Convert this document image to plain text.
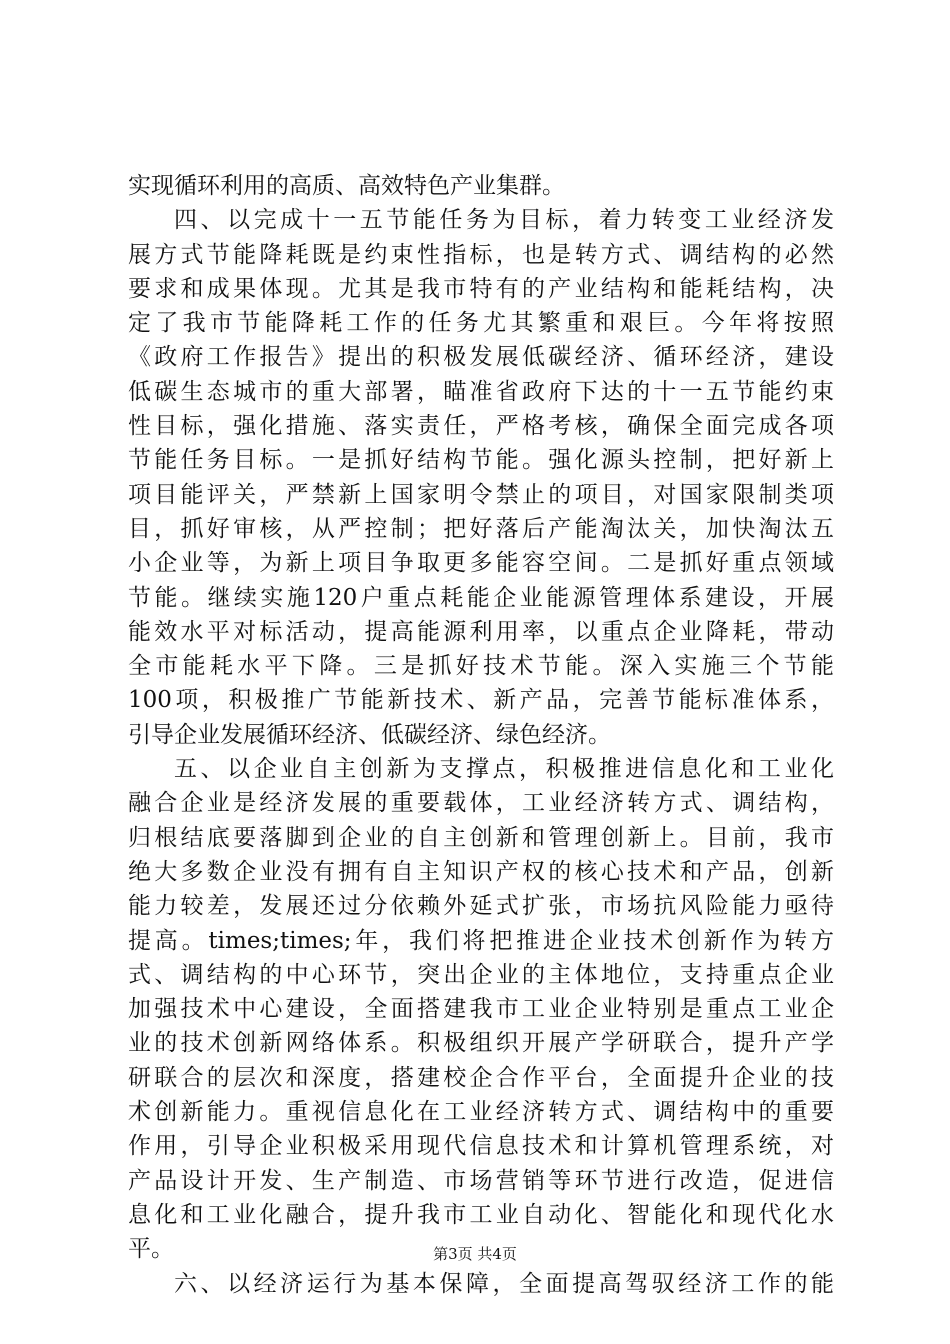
实现循环利用的高质、高效特色产业集群。
四、以完成十一五节能任务为目标，着力转变工业经济发
展方式节能降耗既是约束性指标，也是转方式、调结构的必然
要求和成果体现。尤其是我市特有的产业结构和能耗结构，决
定了我市节能降耗工作的任务尤其繁重和艰巨。今年将按照
《政府工作报告》提出的积极发展低碳经济、循环经济，建设
低碳生态城市的重大部署，瞄准省政府下达的十一五节能约束
性目标，强化措施、落实责任，严格考核，确保全面完成各项
节能任务目标。一是抓好结构节能。强化源头控制，把好新上
项目能评关，严禁新上国家明令禁止的项目，对国家限制类项
目，抓好审核，从严控制；把好落后产能淘汰关，加快淘汰五
小企业等，为新上项目争取更多能容空间。二是抓好重点领域
节能。继续实施120户重点耗能企业能源管理体系建设，开展
能效水平对标活动，提高能源利用率，以重点企业降耗，带动
全市能耗水平下降。三是抓好技术节能。深入实施三个节能
100项，积极推广节能新技术、新产品，完善节能标准体系，
引导企业发展循环经济、低碳经济、绿色经济。
五、以企业自主创新为支撑点，积极推进信息化和工业化
融合企业是经济发展的重要载体，工业经济转方式、调结构，
归根结底要落脚到企业的自主创新和管理创新上。目前，我市
绝大多数企业没有拥有自主知识产权的核心技术和产品，创新
能力较差，发展还过分依赖外延式扩张，市场抗风险能力亟待
提高。times;times;年，我们将把推进企业技术创新作为转方
式、调结构的中心环节，突出企业的主体地位，支持重点企业
加强技术中心建设，全面搭建我市工业企业特别是重点工业企
业的技术创新网络体系。积极组织开展产学研联合，提升产学
研联合的层次和深度，搭建校企合作平台，全面提升企业的技
术创新能力。重视信息化在工业经济转方式、调结构中的重要
作用，引导企业积极采用现代信息技术和计算机管理系统，对
产品设计开发、生产制造、市场营销等环节进行改造，促进信
息化和工业化融合，提升我市工业自动化、智能化和现代化水
平。
六、以经济运行为基本保障，全面提高驾驭经济工作的能
第3页 共4页
